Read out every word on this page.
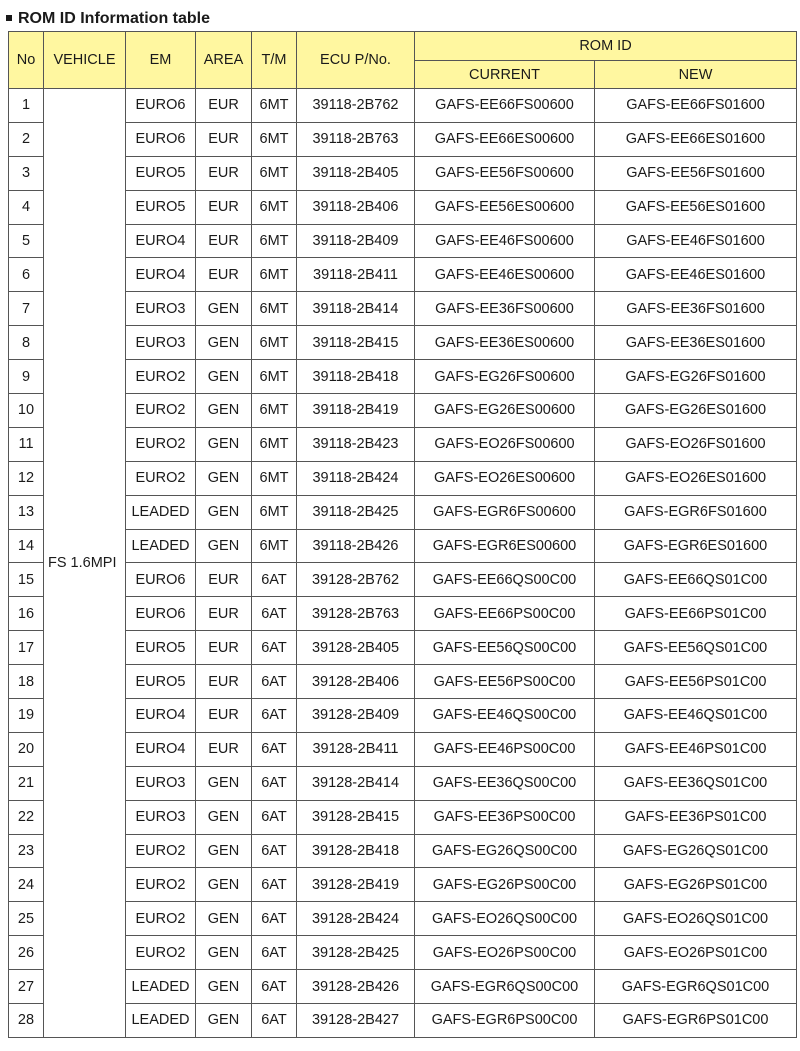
ROM ID Information table
No	VEHICLE	EM	AREA	T/M	ECU P/No.	ROM ID	
						CURRENT	NEW
1	FS 1.6MPI	EURO6	EUR	6MT	39118-2B762	GAFS-EE66FS00600	GAFS-EE66FS01600
2		EURO6	EUR	6MT	39118-2B763	GAFS-EE66ES00600	GAFS-EE66ES01600
3		EURO5	EUR	6MT	39118-2B405	GAFS-EE56FS00600	GAFS-EE56FS01600
4		EURO5	EUR	6MT	39118-2B406	GAFS-EE56ES00600	GAFS-EE56ES01600
5		EURO4	EUR	6MT	39118-2B409	GAFS-EE46FS00600	GAFS-EE46FS01600
6		EURO4	EUR	6MT	39118-2B411	GAFS-EE46ES00600	GAFS-EE46ES01600
7		EURO3	GEN	6MT	39118-2B414	GAFS-EE36FS00600	GAFS-EE36FS01600
8		EURO3	GEN	6MT	39118-2B415	GAFS-EE36ES00600	GAFS-EE36ES01600
9		EURO2	GEN	6MT	39118-2B418	GAFS-EG26FS00600	GAFS-EG26FS01600
10		EURO2	GEN	6MT	39118-2B419	GAFS-EG26ES00600	GAFS-EG26ES01600
11		EURO2	GEN	6MT	39118-2B423	GAFS-EO26FS00600	GAFS-EO26FS01600
12		EURO2	GEN	6MT	39118-2B424	GAFS-EO26ES00600	GAFS-EO26ES01600
13		LEADED	GEN	6MT	39118-2B425	GAFS-EGR6FS00600	GAFS-EGR6FS01600
14		LEADED	GEN	6MT	39118-2B426	GAFS-EGR6ES00600	GAFS-EGR6ES01600
15		EURO6	EUR	6AT	39128-2B762	GAFS-EE66QS00C00	GAFS-EE66QS01C00
16		EURO6	EUR	6AT	39128-2B763	GAFS-EE66PS00C00	GAFS-EE66PS01C00
17		EURO5	EUR	6AT	39128-2B405	GAFS-EE56QS00C00	GAFS-EE56QS01C00
18		EURO5	EUR	6AT	39128-2B406	GAFS-EE56PS00C00	GAFS-EE56PS01C00
19		EURO4	EUR	6AT	39128-2B409	GAFS-EE46QS00C00	GAFS-EE46QS01C00
20		EURO4	EUR	6AT	39128-2B411	GAFS-EE46PS00C00	GAFS-EE46PS01C00
21		EURO3	GEN	6AT	39128-2B414	GAFS-EE36QS00C00	GAFS-EE36QS01C00
22		EURO3	GEN	6AT	39128-2B415	GAFS-EE36PS00C00	GAFS-EE36PS01C00
23		EURO2	GEN	6AT	39128-2B418	GAFS-EG26QS00C00	GAFS-EG26QS01C00
24		EURO2	GEN	6AT	39128-2B419	GAFS-EG26PS00C00	GAFS-EG26PS01C00
25		EURO2	GEN	6AT	39128-2B424	GAFS-EO26QS00C00	GAFS-EO26QS01C00
26		EURO2	GEN	6AT	39128-2B425	GAFS-EO26PS00C00	GAFS-EO26PS01C00
27		LEADED	GEN	6AT	39128-2B426	GAFS-EGR6QS00C00	GAFS-EGR6QS01C00
28		LEADED	GEN	6AT	39128-2B427	GAFS-EGR6PS00C00	GAFS-EGR6PS01C00
